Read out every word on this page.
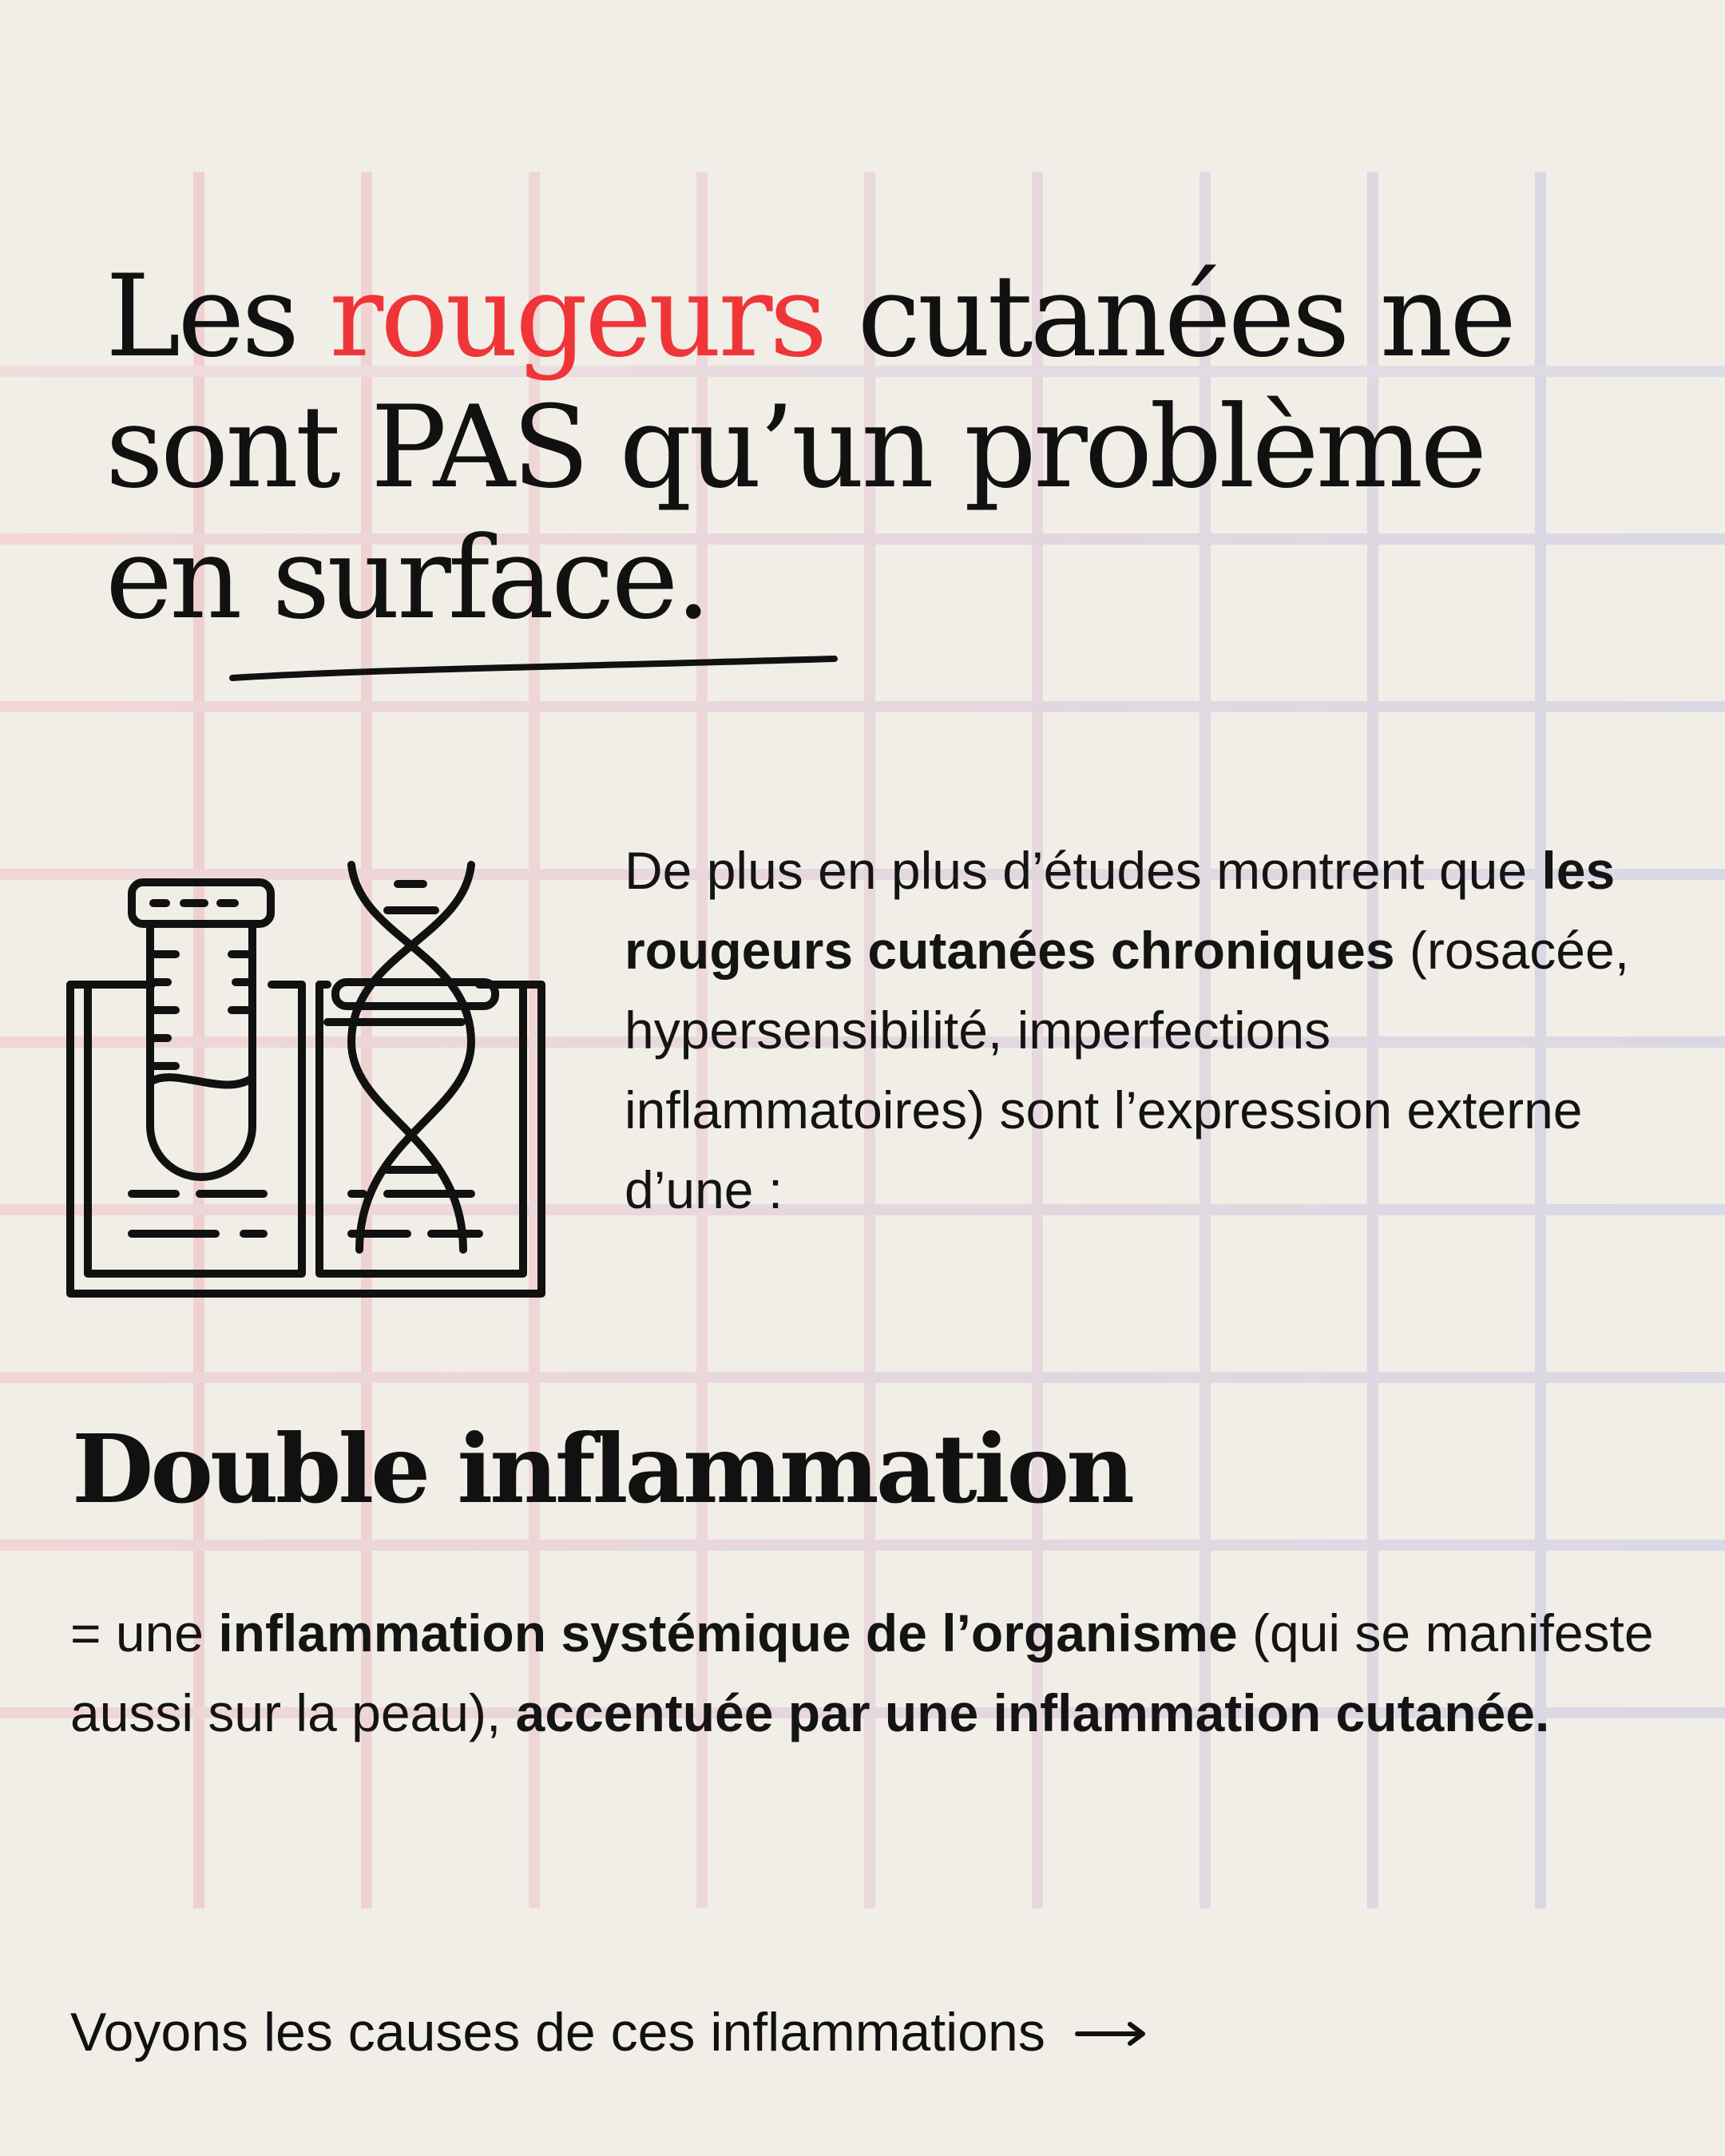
Les rougeurs cutanées ne sont PAS qu’un problème en surface.

De plus en plus d’études montrent que les rougeurs cutanées chroniques (rosacée, hypersensibilité, imperfections inflammatoires) sont l’expression externe d’une :

Double inflammation

= une inflammation systémique de l’organisme (qui se manifeste aussi sur la peau), accentuée par une inflammation cutanée.

Voyons les causes de ces inflammations
